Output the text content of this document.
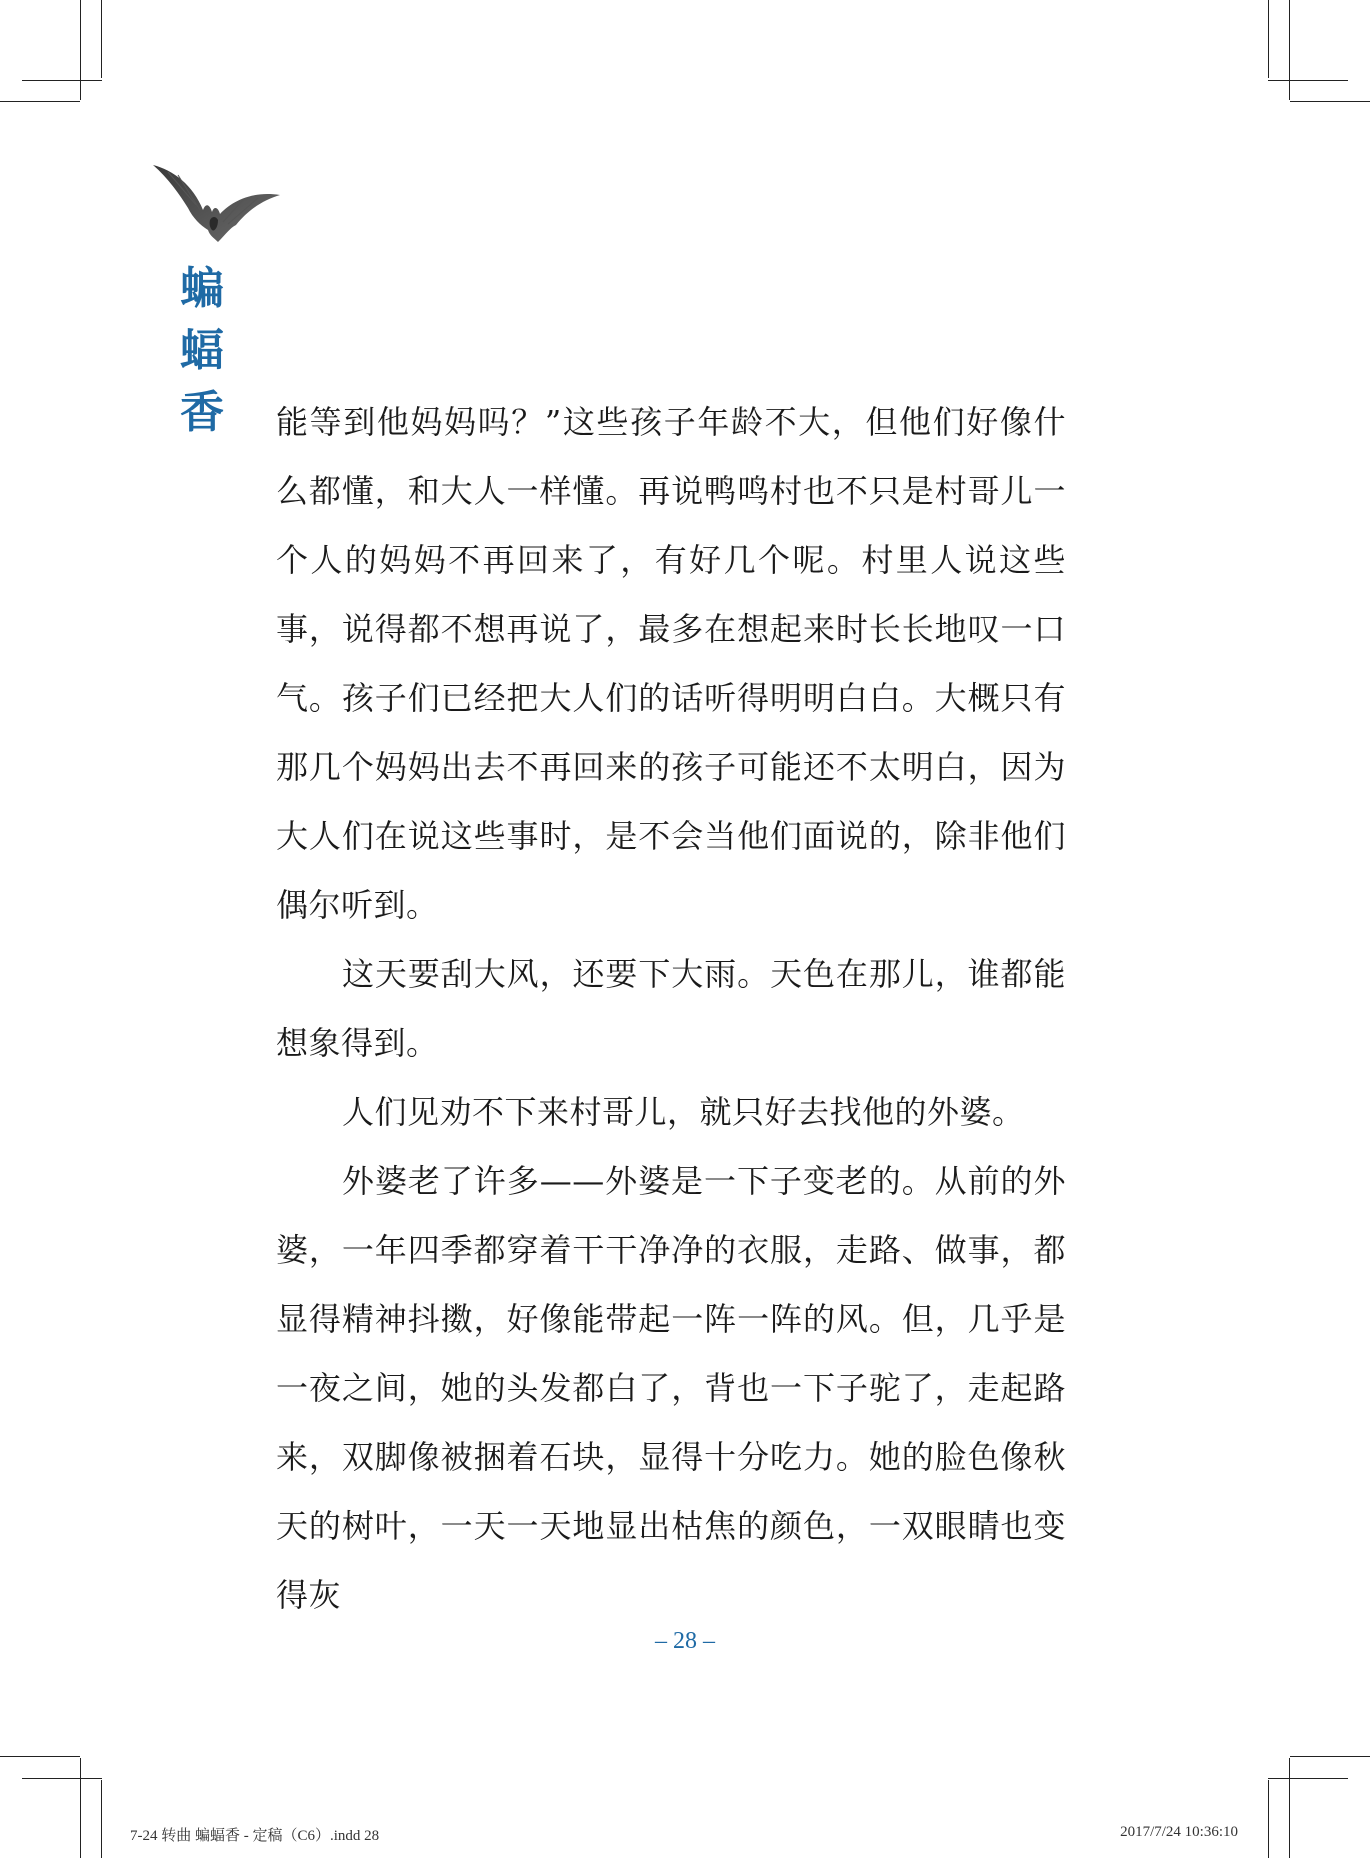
蝙
蝠
香 能等到他妈妈吗？”这些孩子年龄不大，但他们好像什么都懂，和大人一样懂。再说鸭鸣村也不只是村哥儿一个人的妈妈不再回来了，有好几个呢。村里人说这些事，说得都不想再说了，最多在想起来时长长地叹一口气。孩子们已经把大人们的话听得明明白白。大概只有那几个妈妈出去不再回来的孩子可能还不太明白，因为大人们在说这些事时，是不会当他们面说的，除非他们偶尔听到。

这天要刮大风，还要下大雨。天色在那儿，谁都能想象得到。

人们见劝不下来村哥儿，就只好去找他的外婆。

外婆老了许多——外婆是一下子变老的。从前的外婆，一年四季都穿着干干净净的衣服，走路、做事，都显得精神抖擞，好像能带起一阵一阵的风。但，几乎是一夜之间，她的头发都白了，背也一下子驼了，走起路来，双脚像被捆着石块，显得十分吃力。她的脸色像秋天的树叶，一天一天地显出枯焦的颜色，一双眼睛也变得灰

– 28 –
7-24 转曲 蝙蝠香 - 定稿（C6）.indd 28	2017/7/24 10:36:10
